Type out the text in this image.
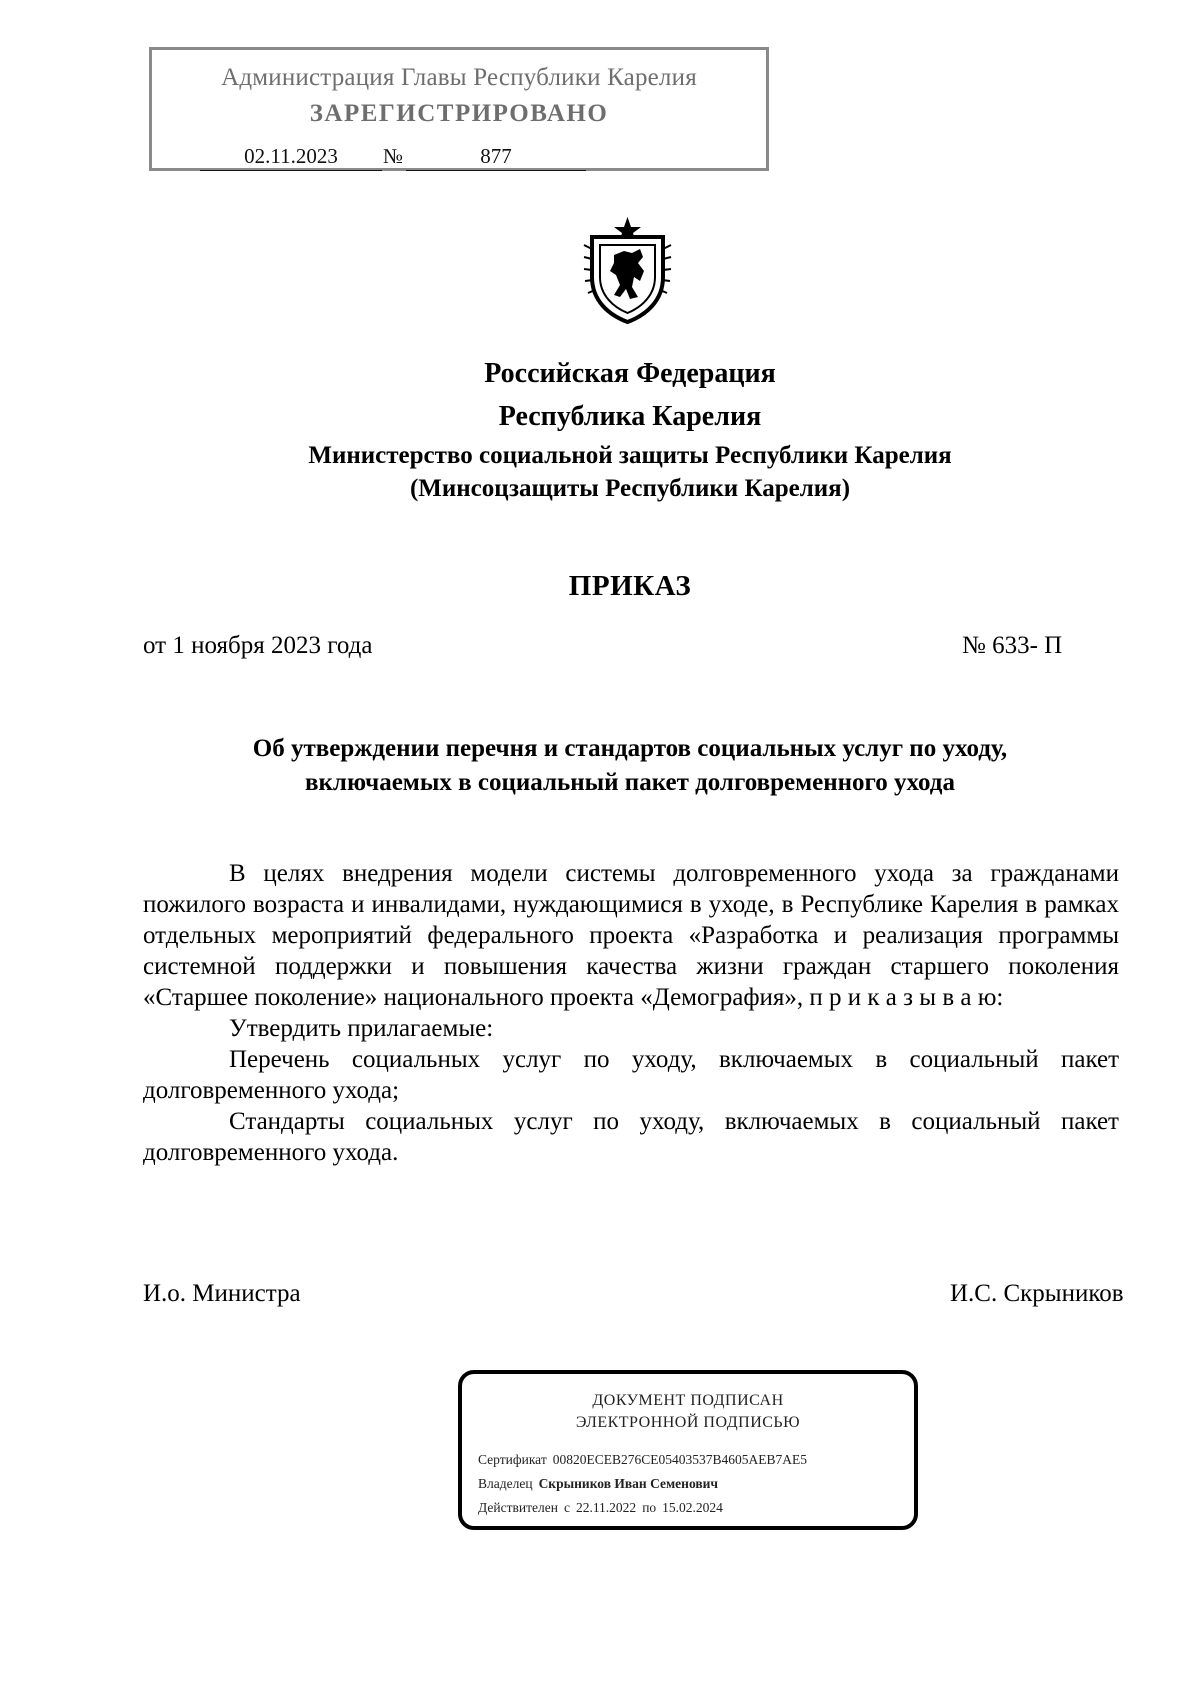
Администрация Главы Республики Карелия
ЗАРЕГИСТРИРОВАНО
02.11.2023	№	877
Российская Федерация
Республика Карелия
Министерство социальной защиты Республики Карелия
(Минсоцзащиты Республики Карелия)
ПРИКАЗ
от 1 ноября 2023 года	№ 633- П
Об утверждении перечня и стандартов социальных услуг по уходу,
включаемых в социальный пакет долговременного ухода

В целях внедрения модели системы долговременного ухода за гражданами пожилого возраста и инвалидами, нуждающимися в уходе, в Республике Карелия в рамках отдельных мероприятий федерального проекта «Разработка и реализация программы системной поддержки и повышения качества жизни граждан старшего поколения «Старшее поколение» национального проекта «Демография», п р и к а з ы в а ю:

Утвердить прилагаемые:

Перечень социальных услуг по уходу, включаемых в социальный пакет долговременного ухода;

Стандарты социальных услуг по уходу, включаемых в социальный пакет долговременного ухода.

И.о. Министра	И.С. Скрыников
ДОКУМЕНТ ПОДПИСАН
ЭЛЕКТРОННОЙ ПОДПИСЬЮ
Сертификат 00820ECEB276CE05403537B4605AEB7AE5
Владелец Скрыников Иван Семенович
Действителен с 22.11.2022 по 15.02.2024
